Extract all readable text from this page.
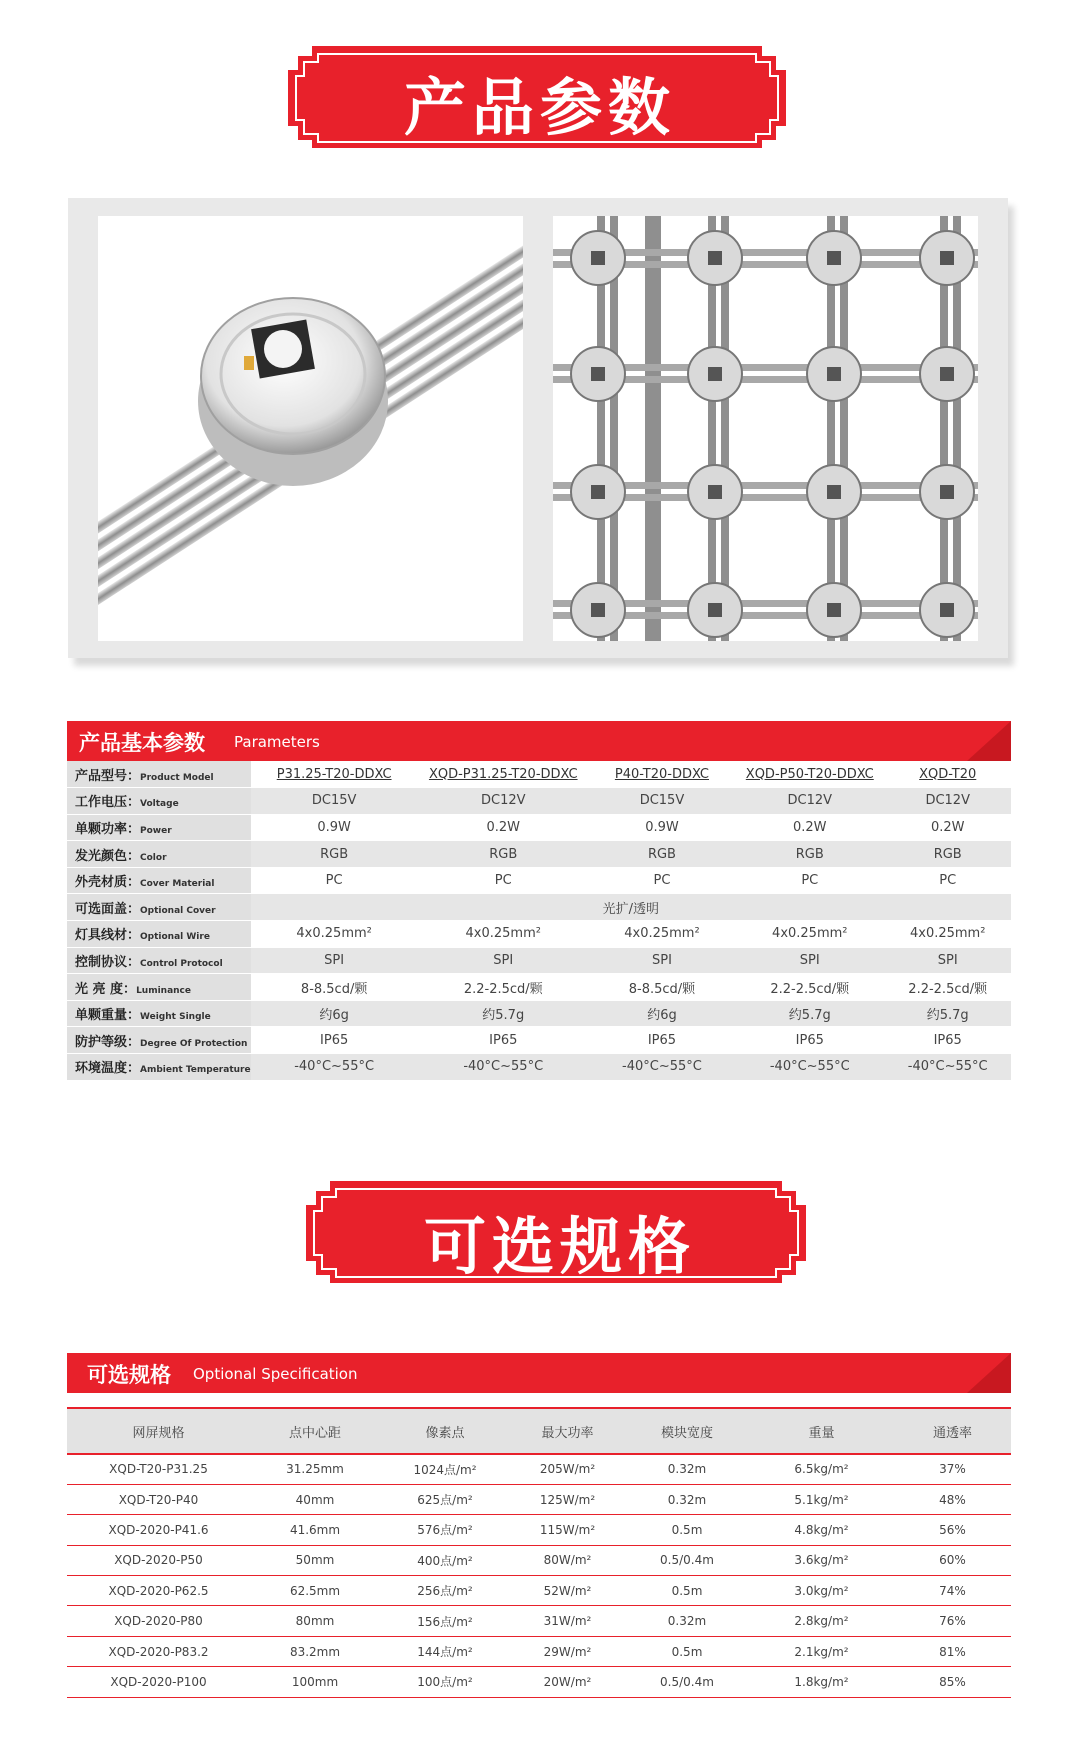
产品参数
产品基本参数 Parameters
产品型号：Product Model	P31.25-T20-DDXC	XQD-P31.25-T20-DDXC	P40-T20-DDXC	XQD-P50-T20-DDXC	XQD-T20
工作电压：Voltage	DC15V	DC12V	DC15V	DC12V	DC12V
单颗功率：Power	0.9W	0.2W	0.9W	0.2W	0.2W
发光颜色：Color	RGB	RGB	RGB	RGB	RGB
外壳材质：Cover Material	PC	PC	PC	PC	PC
可选面盖：Optional Cover	光扩/透明				
灯具线材：Optional Wire	4x0.25mm²	4x0.25mm²	4x0.25mm²	4x0.25mm²	4x0.25mm²
控制协议：Control Protocol	SPI	SPI	SPI	SPI	SPI
光 亮 度：Luminance	8-8.5cd/颗	2.2-2.5cd/颗	8-8.5cd/颗	2.2-2.5cd/颗	2.2-2.5cd/颗
单颗重量：Weight Single	约6g	约5.7g	约6g	约5.7g	约5.7g
防护等级：Degree Of Protection	IP65	IP65	IP65	IP65	IP65
环境温度：Ambient Temperature	-40°C~55°C	-40°C~55°C	-40°C~55°C	-40°C~55°C	-40°C~55°C
可选规格
可选规格 Optional Specification
网屏规格	点中心距	像素点	最大功率	模块宽度	重量	通透率
XQD-T20-P31.25	31.25mm	1024点/m²	205W/m²	0.32m	6.5kg/m²	37%
XQD-T20-P40	40mm	625点/m²	125W/m²	0.32m	5.1kg/m²	48%
XQD-2020-P41.6	41.6mm	576点/m²	115W/m²	0.5m	4.8kg/m²	56%
XQD-2020-P50	50mm	400点/m²	80W/m²	0.5/0.4m	3.6kg/m²	60%
XQD-2020-P62.5	62.5mm	256点/m²	52W/m²	0.5m	3.0kg/m²	74%
XQD-2020-P80	80mm	156点/m²	31W/m²	0.32m	2.8kg/m²	76%
XQD-2020-P83.2	83.2mm	144点/m²	29W/m²	0.5m	2.1kg/m²	81%
XQD-2020-P100	100mm	100点/m²	20W/m²	0.5/0.4m	1.8kg/m²	85%
